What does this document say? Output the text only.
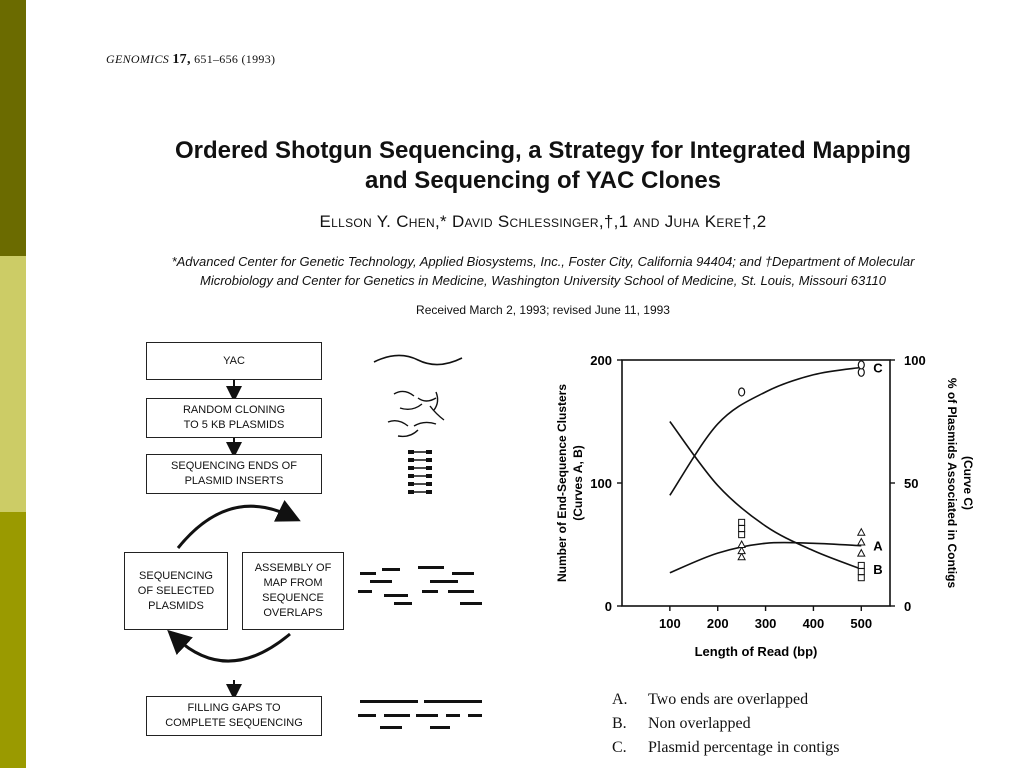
GENOMICS 17, 651–656 (1993)
Ordered Shotgun Sequencing, a Strategy for Integrated Mapping
and Sequencing of YAC Clones
Ellson Y. Chen,* David Schlessinger,†,1 and Juha Kere†,2
*Advanced Center for Genetic Technology, Applied Biosystems, Inc., Foster City, California 94404; and †Department of Molecular
Microbiology and Center for Genetics in Medicine, Washington University School of Medicine, St. Louis, Missouri 63110
Received March 2, 1993; revised June 11, 1993
YAC
RANDOM CLONING
TO 5 KB PLASMIDS
SEQUENCING ENDS OF
PLASMID INSERTS
SEQUENCING
OF SELECTED
PLASMIDS
ASSEMBLY OF
MAP FROM
SEQUENCE
OVERLAPS
FILLING GAPS TO
COMPLETE SEQUENCING
100 200 300 400 500
0
100
200
0
50
100
Length of Read (bp)
Number of End-Sequence Clusters (Curves A, B)	% of Plasmids Associated in Contigs (Curve C)
A
B
C
A.	Two ends are overlapped
B.	Non overlapped
C.	Plasmid percentage in contigs
